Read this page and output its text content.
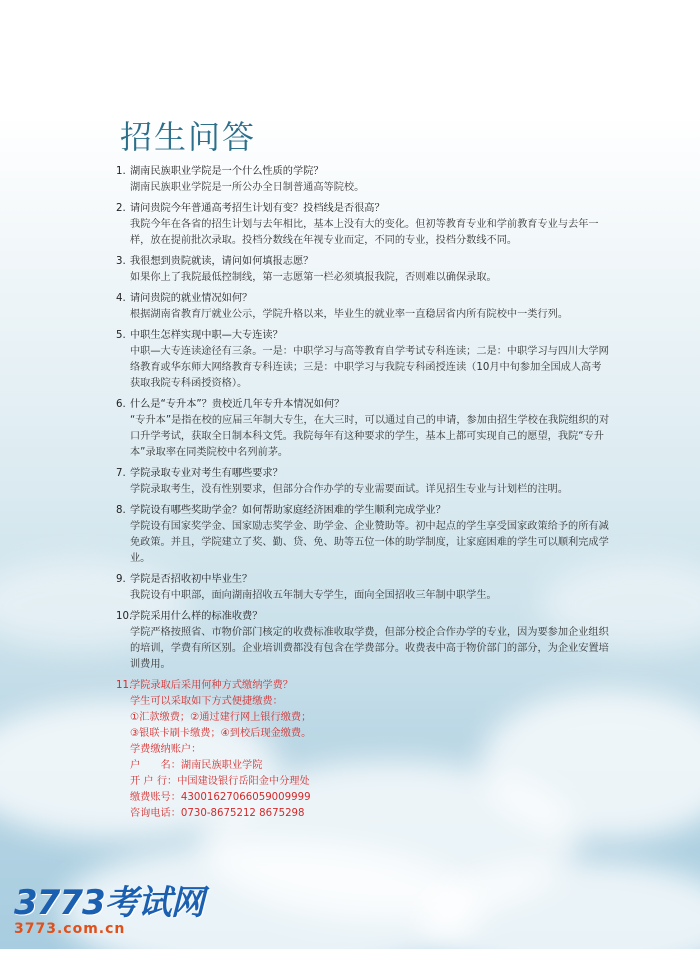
招生问答
1. 湖南民族职业学院是一个什么性质的学院？
湖南民族职业学院是一所公办全日制普通高等院校。
2. 请问贵院今年普通高考招生计划有变？投档线是否很高？
我院今年在各省的招生计划与去年相比，基本上没有大的变化。但初等教育专业和学前教育专业与去年一样，放在提前批次录取。投档分数线在年视专业而定，不同的专业，投档分数线不同。
3. 我很想到贵院就读，请问如何填报志愿？
如果你上了我院最低控制线，第一志愿第一栏必须填报我院，否则难以确保录取。
4. 请问贵院的就业情况如何？
根据湖南省教育厅就业公示，学院升格以来，毕业生的就业率一直稳居省内所有院校中一类行列。
5. 中职生怎样实现中职—大专连读？
中职—大专连读途径有三条。一是：中职学习与高等教育自学考试专科连读；二是：中职学习与四川大学网络教育或华东师大网络教育专科连读；三是：中职学习与我院专科函授连读（10月中旬参加全国成人高考获取我院专科函授资格）。
6. 什么是“专升本”？贵校近几年专升本情况如何？
“专升本”是指在校的应届三年制大专生，在大三时，可以通过自己的申请，参加由招生学校在我院组织的对口升学考试，获取全日制本科文凭。我院每年有这种要求的学生，基本上都可实现自己的愿望，我院“专升本”录取率在同类院校中名列前茅。
7. 学院录取专业对考生有哪些要求？
学院录取考生，没有性别要求，但部分合作办学的专业需要面试。详见招生专业与计划栏的注明。
8. 学院设有哪些奖助学金？如何帮助家庭经济困难的学生顺利完成学业？
学院设有国家奖学金、国家励志奖学金、助学金、企业赞助等。初中起点的学生享受国家政策给予的所有减免政策。并且，学院建立了奖、勤、贷、免、助等五位一体的助学制度，让家庭困难的学生可以顺利完成学业。
9. 学院是否招收初中毕业生？
我院设有中职部，面向湖南招收五年制大专学生，面向全国招收三年制中职学生。
10.学院采用什么样的标准收费？
学院严格按照省、市物价部门核定的收费标准收取学费，但部分校企合作办学的专业，因为要参加企业组织的培训，学费有所区别。企业培训费都没有包含在学费部分。收费表中高于物价部门的部分，为企业安置培训费用。
11.学院录取后采用何种方式缴纳学费？
学生可以采取如下方式便捷缴费：
①汇款缴费；②通过建行网上银行缴费；
③银联卡刷卡缴费；④到校后现金缴费。
学费缴纳账户：
户　　名：湖南民族职业学院
开 户 行：中国建设银行岳阳金中分理处
缴费账号：43001627066059009999
咨询电话：0730-8675212 8675298
3773考试网
3773.com.cn
